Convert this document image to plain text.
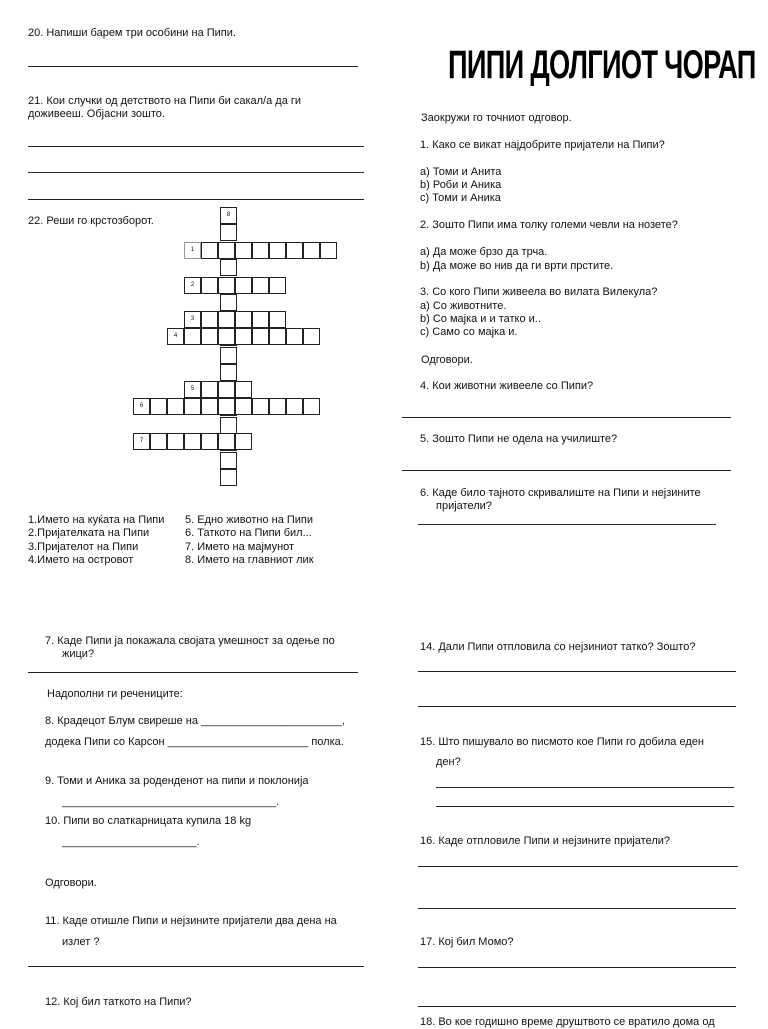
20. Напиши барем три особини на Пипи.
21. Кои случки од детството на Пипи би сакал/а да ги
доживееш. Објасни зошто.
22. Реши го крстозборот.	8
1
2
3
4
5
6
7
1.Името на куќата на Пипи
2.Пријателката на Пипи
3.Пријателот на Пипи
4.Името на островот
5. Едно животно на Пипи
6. Таткото на Пипи бил...
7. Името на мајмунот
8. Името на главниот лик
7. Каде Пипи ја покажала својата умешност за одење по
жици?
Надополни ги речениците:
8. Крадецот Блум свиреше на _______________________,
додека Пипи со Карсон _______________________ полка.
9. Томи и Аника за роденденот на пипи и поклонија
___________________________________.
10. Пипи во слаткарницата купила 18 kg
______________________.
Одговори.
11. Каде отишле Пипи и нејзините пријатели два дена на
излет ?
12. Кој бил таткото на Пипи?
ПИПИ ДОЛГИОТ ЧОРАП
Заокружи го точниот одговор.
1. Како се викат најдобрите пријатели на Пипи?
a) Томи и Анита
b) Роби и Аника
c) Томи и Аника
2. Зошто Пипи има толку големи чевли на нозете?
a) Да може брзо да трча.
b) Да може во нив да ги врти прстите.
3. Со кого Пипи живеела во вилата Вилекула?
a) Со животните.
b) Со мајка и и татко и..
c) Само со мајка и.
Одговори.
4. Кои животни живееле со Пипи?
5. Зошто Пипи не одела на училиште?
6. Каде било тајното скривалиште на Пипи и нејзините
пријатели?
14. Дали Пипи отпловила со нејзиниот татко? Зошто?
15. Што пишувало во писмото кое Пипи го добила еден
ден?
16. Каде отпловиле Пипи и нејзините пријатели?
17. Кој бил Момо?
18. Во кое годишно време друштвото се вратило дома од
